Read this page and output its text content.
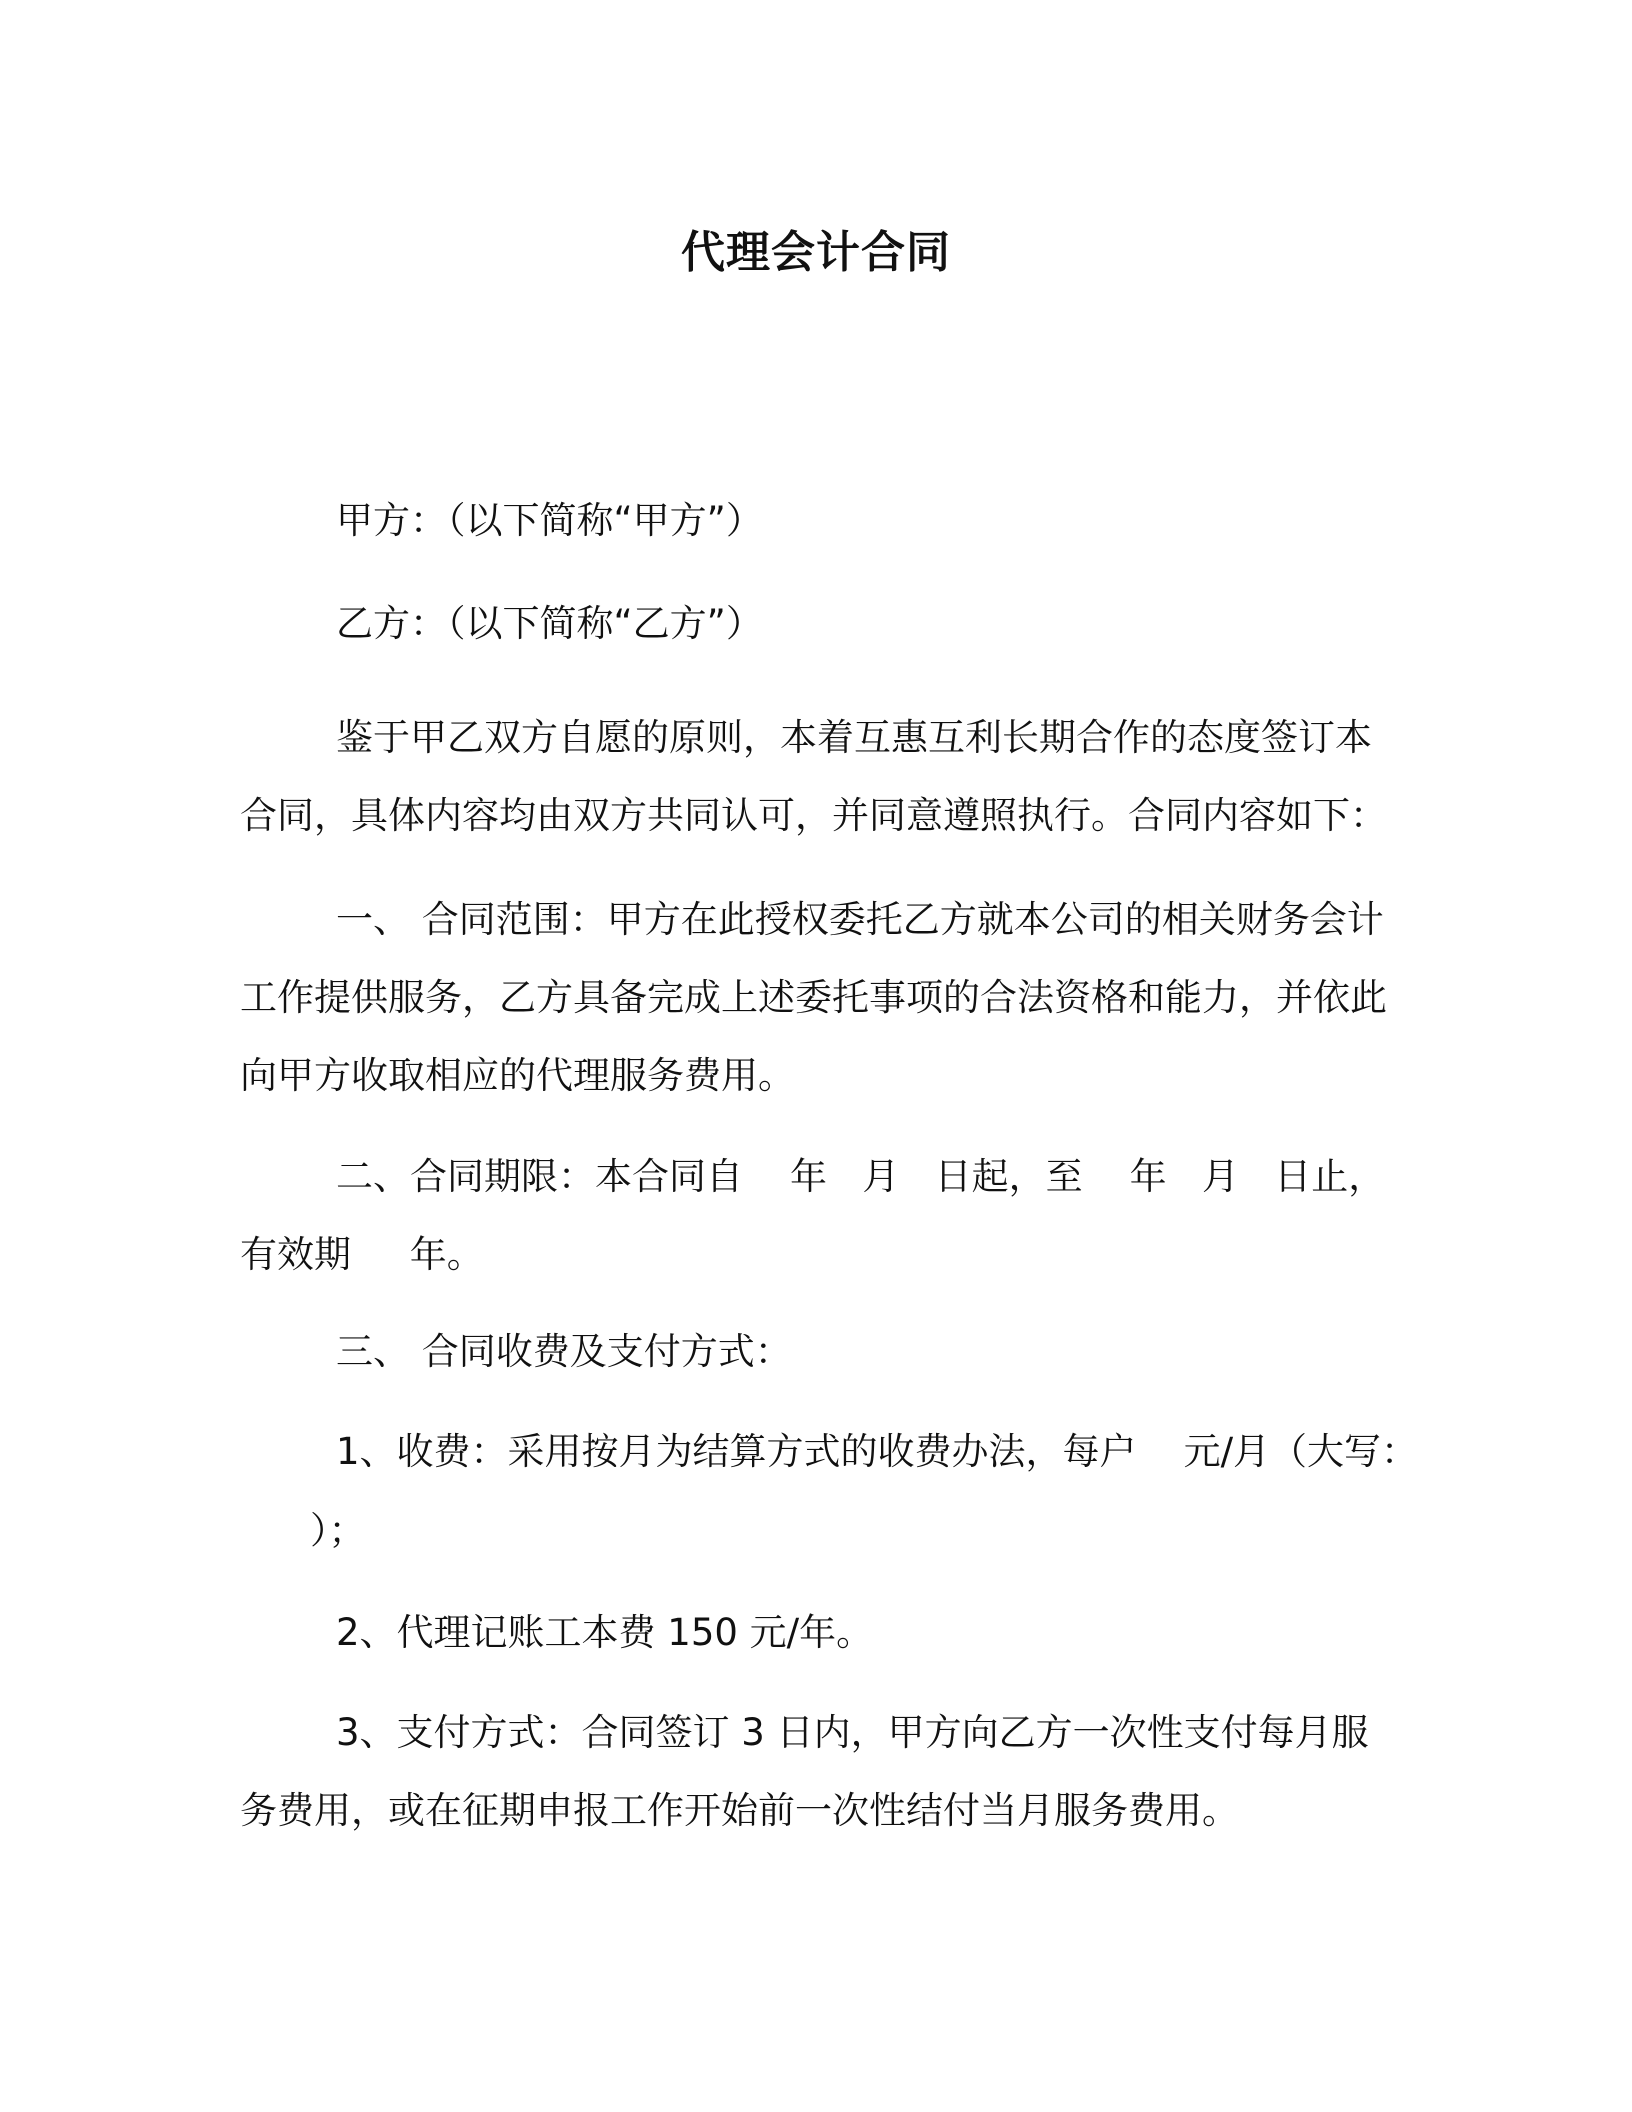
代理会计合同
甲方：（以下简称“甲方”）
乙方：（以下简称“乙方”）
鉴于甲乙双方自愿的原则，本着互惠互利长期合作的态度签订本合同，具体内容均由双方共同认可，并同意遵照执行。合同内容如下：
一、 合同范围：甲方在此授权委托乙方就本公司的相关财务会计工作提供服务，乙方具备完成上述委托事项的合法资格和能力，并依此向甲方收取相应的代理服务费用。
二、合同期限：本合同自    年   月   日起，至    年   月   日止，有效期     年。
三、 合同收费及支付方式：
1、收费：采用按月为结算方式的收费办法，每户    元/月（大写：
）；
2、代理记账工本费 150 元/年。
3、支付方式：合同签订 3 日内，甲方向乙方一次性支付每月服务费用，或在征期申报工作开始前一次性结付当月服务费用。
